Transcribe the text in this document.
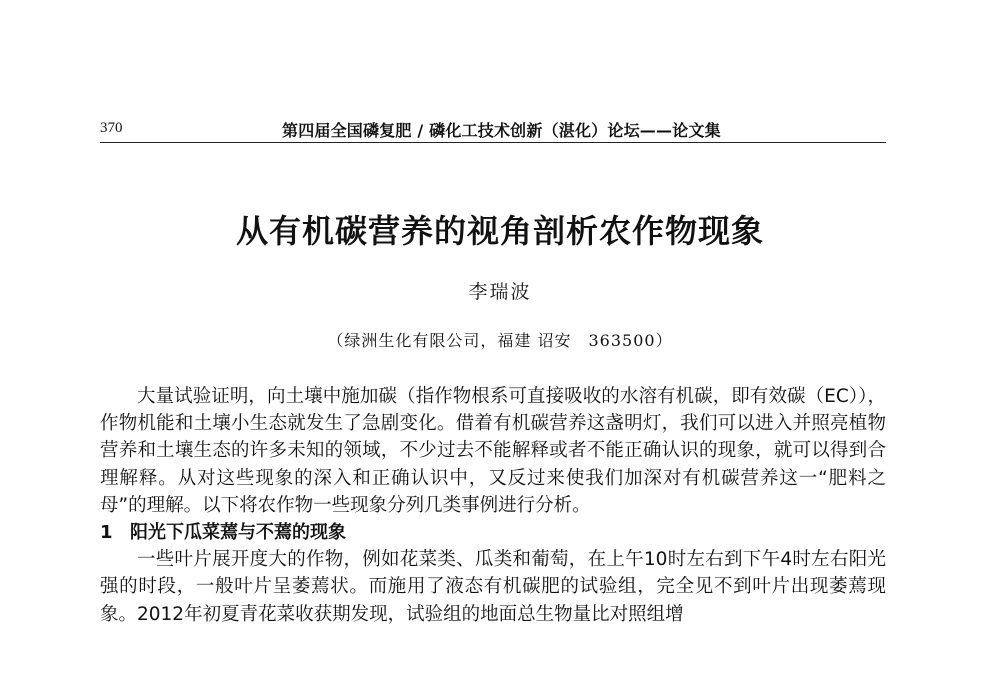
370	第四届全国磷复肥 / 磷化工技术创新（湛化）论坛——论文集
从有机碳营养的视角剖析农作物现象
李瑞波
（绿洲生化有限公司，福建 诏安　363500）

大量试验证明，向土壤中施加碳（指作物根系可直接吸收的水溶有机碳，即有效碳（EC）），作物机能和土壤小生态就发生了急剧变化。借着有机碳营养这盏明灯，我们可以进入并照亮植物营养和土壤生态的许多未知的领域，不少过去不能解释或者不能正确认识的现象，就可以得到合理解释。从对这些现象的深入和正确认识中，又反过来使我们加深对有机碳营养这一“肥料之母”的理解。以下将农作物一些现象分列几类事例进行分析。

1 阳光下瓜菜蔫与不蔫的现象

一些叶片展开度大的作物，例如花菜类、瓜类和葡萄，在上午10时左右到下午4时左右阳光强的时段，一般叶片呈萎蔫状。而施用了液态有机碳肥的试验组，完全见不到叶片出现萎蔫现象。2012年初夏青花菜收获期发现，试验组的地面总生物量比对照组增
